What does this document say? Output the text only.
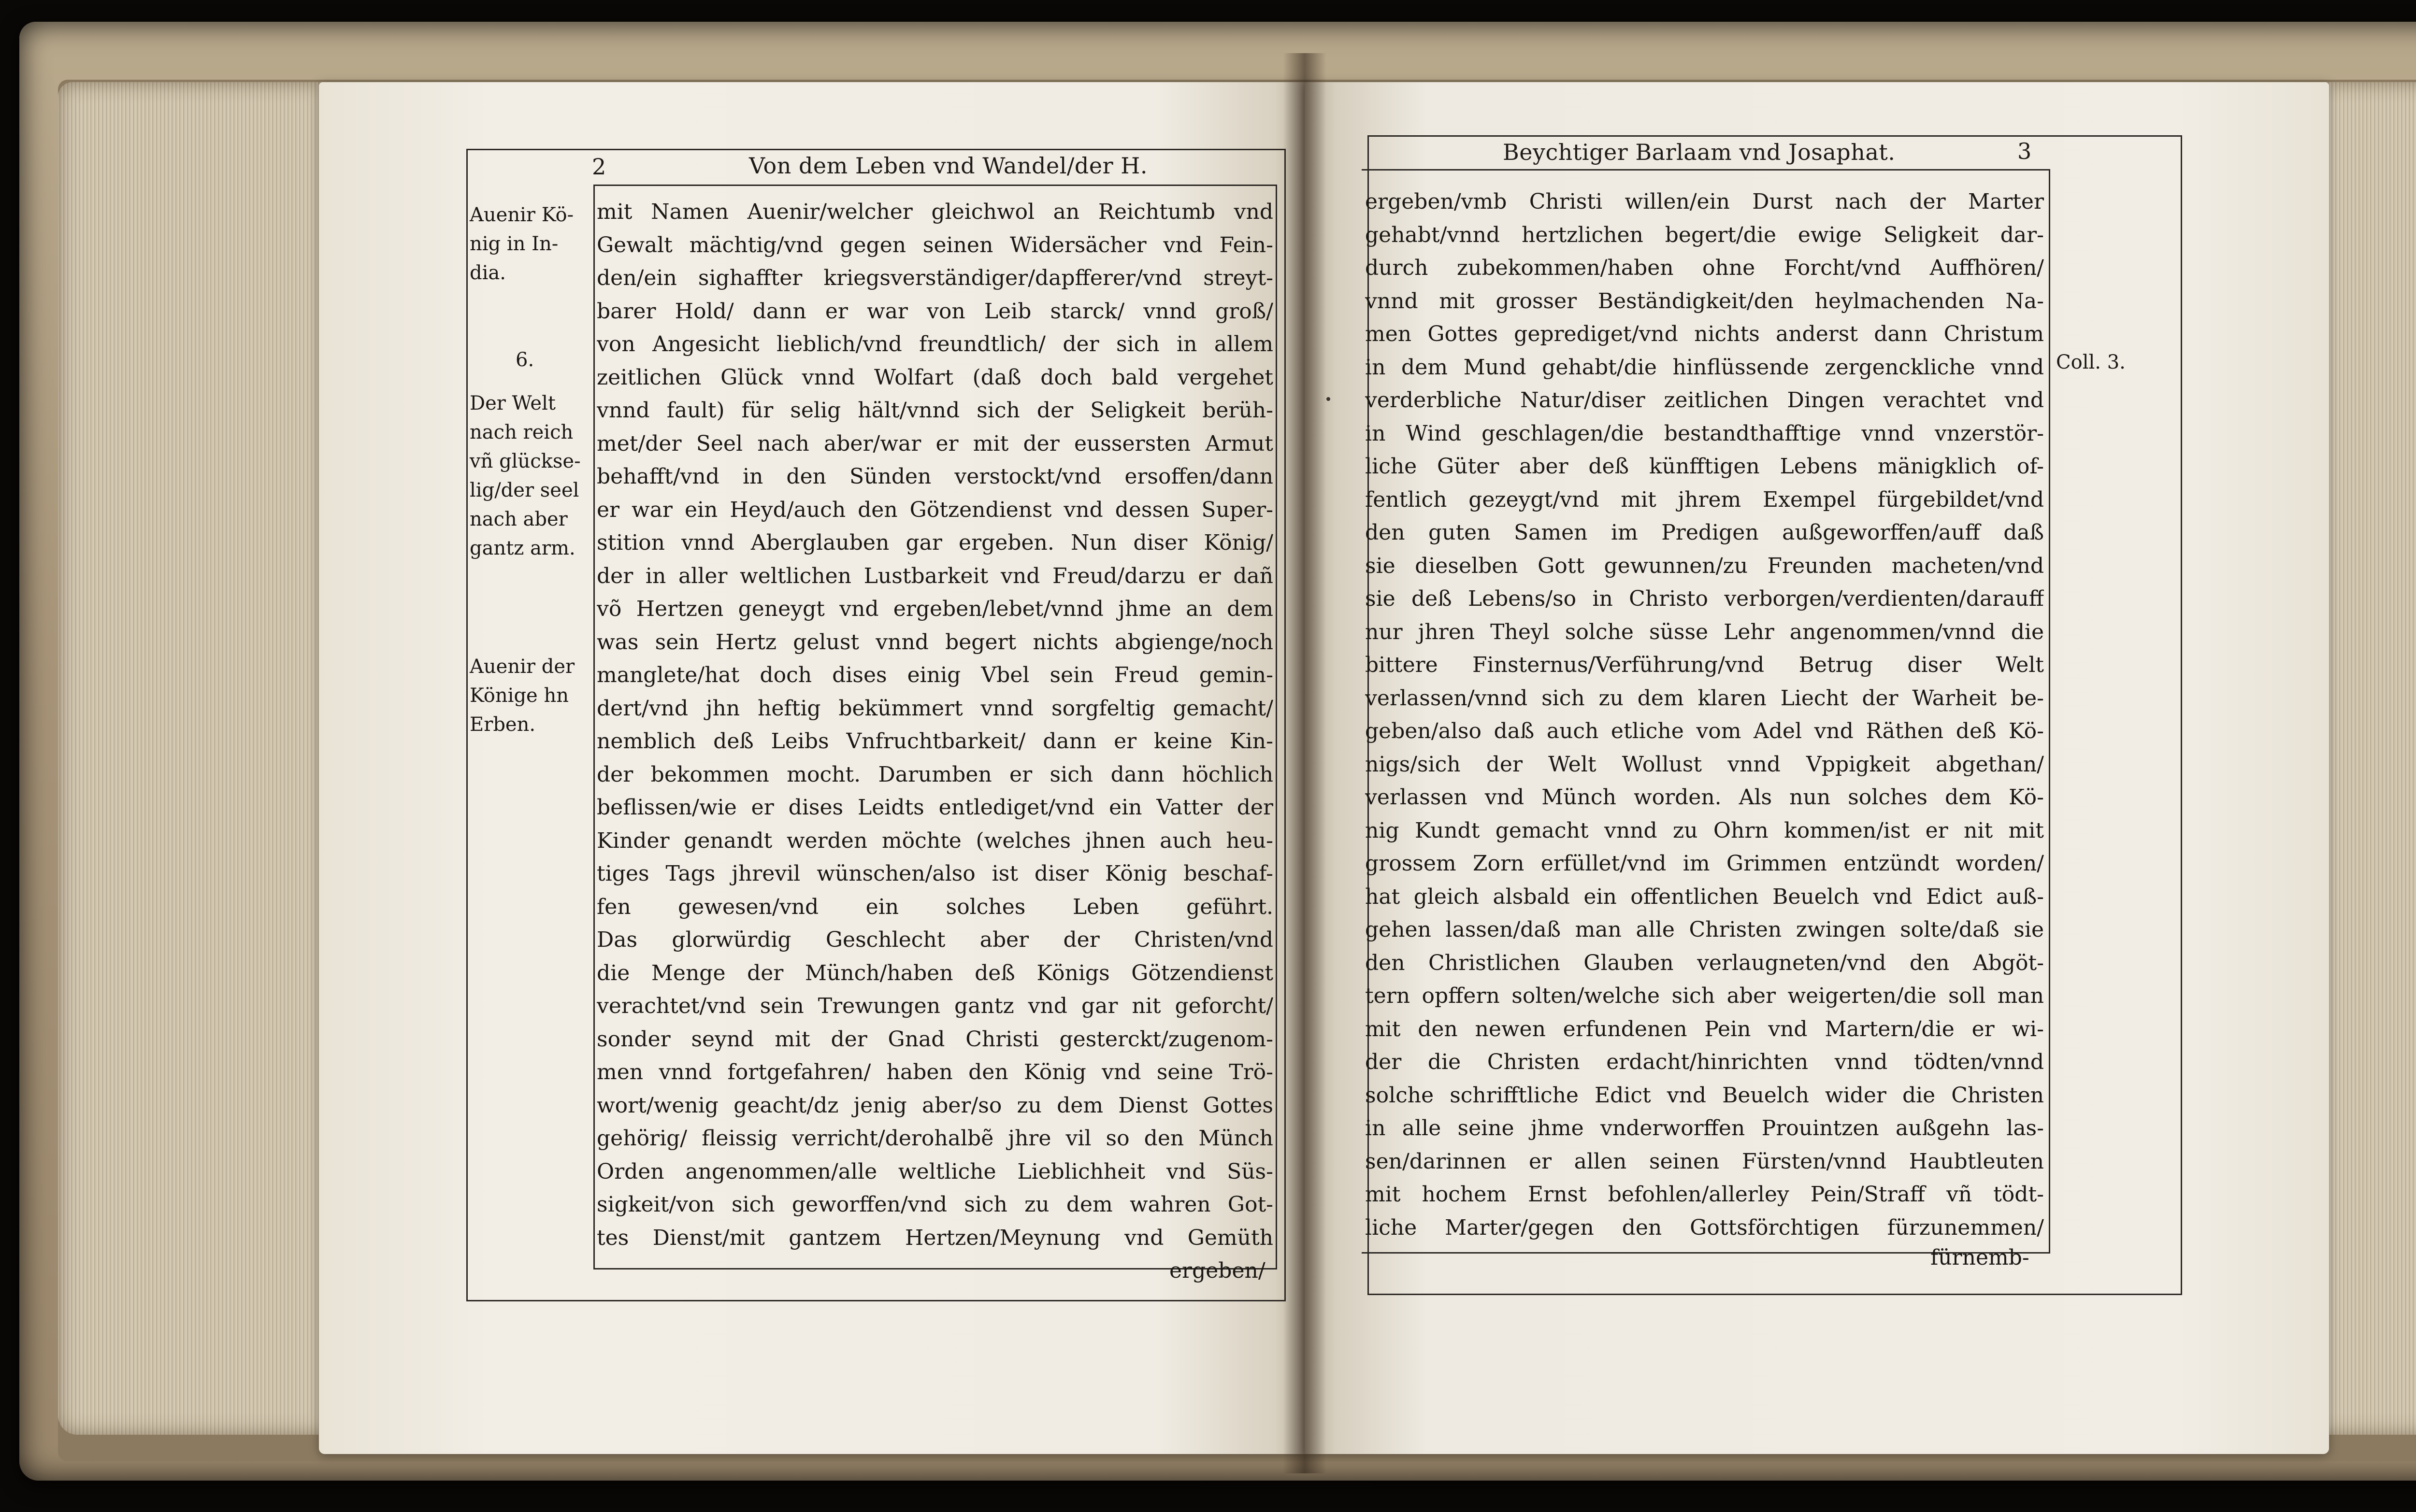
2	Von dem Leben vnd Wandel/der H.
Auenir Kö-
nig in In-
dia.
6.
Der Welt
nach reich
vñ glückse-
lig/der seel
nach aber
gantz arm.
Auenir der
Könige hn
Erben.
mit Namen Auenir/welcher gleichwol an Reichtumb vnd
Gewalt mächtig/vnd gegen seinen Widersächer vnd Fein-
den/ein sighaffter kriegsverständiger/dapfferer/vnd streyt-
barer Hold/ dann er war von Leib starck/ vnnd groß/
von Angesicht lieblich/vnd freundtlich/ der sich in allem
zeitlichen Glück vnnd Wolfart (daß doch bald vergehet
vnnd fault) für selig hält/vnnd sich der Seligkeit berüh-
met/der Seel nach aber/war er mit der eussersten Armut
behafft/vnd in den Sünden verstockt/vnd ersoffen/dann
er war ein Heyd/auch den Götzendienst vnd dessen Super-
stition vnnd Aberglauben gar ergeben. Nun diser König/
der in aller weltlichen Lustbarkeit vnd Freud/darzu er dañ
võ Hertzen geneygt vnd ergeben/lebet/vnnd jhme an dem
was sein Hertz gelust vnnd begert nichts abgienge/noch
manglete/hat doch dises einig Vbel sein Freud gemin-
dert/vnd jhn heftig bekümmert vnnd sorgfeltig gemacht/
nemblich deß Leibs Vnfruchtbarkeit/ dann er keine Kin-
der bekommen mocht. Darumben er sich dann höchlich
beflissen/wie er dises Leidts entlediget/vnd ein Vatter der
Kinder genandt werden möchte (welches jhnen auch heu-
tiges Tags jhrevil wünschen/also ist diser König beschaf-
fen gewesen/vnd ein solches Leben geführt.
Das glorwürdig Geschlecht aber der Christen/vnd
die Menge der Münch/haben deß Königs Götzendienst
verachtet/vnd sein Trewungen gantz vnd gar nit geforcht/
sonder seynd mit der Gnad Christi gesterckt/zugenom-
men vnnd fortgefahren/ haben den König vnd seine Trö-
wort/wenig geacht/dz jenig aber/so zu dem Dienst Gottes
gehörig/ fleissig verricht/derohalbẽ jhre vil so den Münch
Orden angenommen/alle weltliche Lieblichheit vnd Süs-
sigkeit/von sich geworffen/vnd sich zu dem wahren Got-
tes Dienst/mit gantzem Hertzen/Meynung vnd Gemüth
ergeben/
Beychtiger Barlaam vnd Josaphat.	3
Coll. 3.
ergeben/vmb Christi willen/ein Durst nach der Marter
gehabt/vnnd hertzlichen begert/die ewige Seligkeit dar-
durch zubekommen/haben ohne Forcht/vnd Auffhören/
vnnd mit grosser Beständigkeit/den heylmachenden Na-
men Gottes geprediget/vnd nichts anderst dann Christum
in dem Mund gehabt/die hinflüssende zergenckliche vnnd
verderbliche Natur/diser zeitlichen Dingen verachtet vnd
in Wind geschlagen/die bestandthafftige vnnd vnzerstör-
liche Güter aber deß künfftigen Lebens mänigklich of-
fentlich gezeygt/vnd mit jhrem Exempel fürgebildet/vnd
den guten Samen im Predigen außgeworffen/auff daß
sie dieselben Gott gewunnen/zu Freunden macheten/vnd
sie deß Lebens/so in Christo verborgen/verdienten/darauff
nur jhren Theyl solche süsse Lehr angenommen/vnnd die
bittere Finsternus/Verführung/vnd Betrug diser Welt
verlassen/vnnd sich zu dem klaren Liecht der Warheit be-
geben/also daß auch etliche vom Adel vnd Räthen deß Kö-
nigs/sich der Welt Wollust vnnd Vppigkeit abgethan/
verlassen vnd Münch worden. Als nun solches dem Kö-
nig Kundt gemacht vnnd zu Ohrn kommen/ist er nit mit
grossem Zorn erfüllet/vnd im Grimmen entzündt worden/
hat gleich alsbald ein offentlichen Beuelch vnd Edict auß-
gehen lassen/daß man alle Christen zwingen solte/daß sie
den Christlichen Glauben verlaugneten/vnd den Abgöt-
tern opffern solten/welche sich aber weigerten/die soll man
mit den newen erfundenen Pein vnd Martern/die er wi-
der die Christen erdacht/hinrichten vnnd tödten/vnnd
solche schrifftliche Edict vnd Beuelch wider die Christen
in alle seine jhme vnderworffen Prouintzen außgehn las-
sen/darinnen er allen seinen Fürsten/vnnd Haubtleuten
mit hochem Ernst befohlen/allerley Pein/Straff vñ tödt-
liche Marter/gegen den Gottsförchtigen fürzunemmen/
fürnemb-
